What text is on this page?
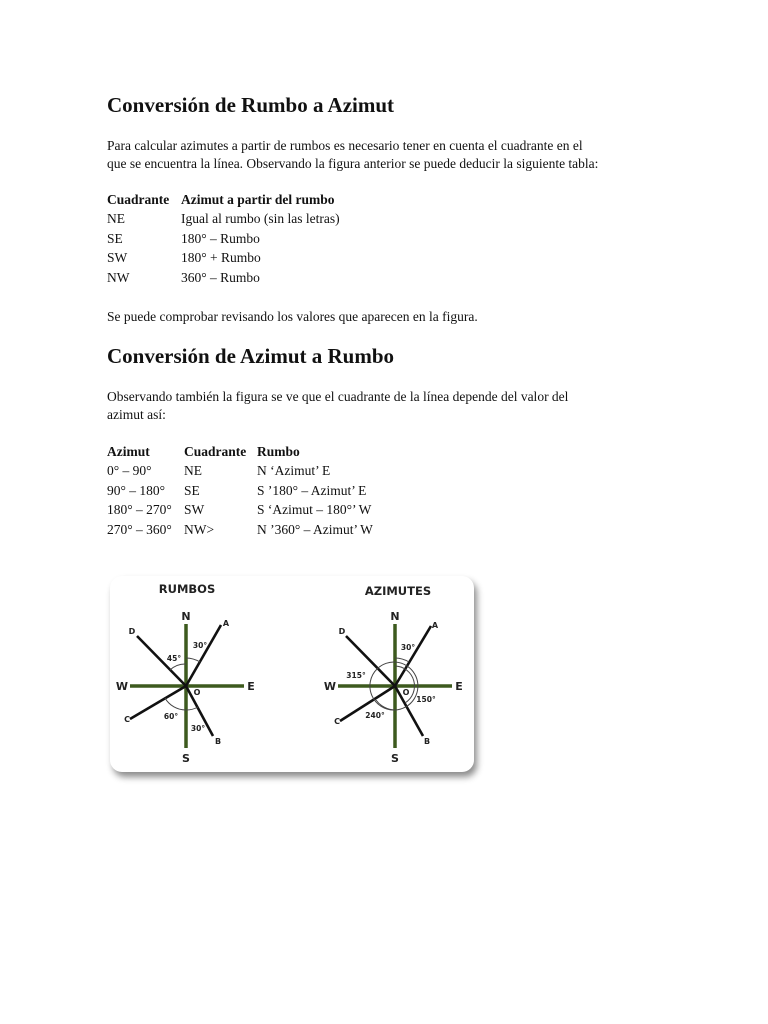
Conversión de Rumbo a Azimut

Para calcular azimutes a partir de rumbos es necesario tener en cuenta el cuadrante en el
que se encuentra la línea. Observando la figura anterior se puede deducir la siguiente tabla:

Cuadrante	Azimut a partir del rumbo
NE	Igual al rumbo (sin las letras)
SE	180° – Rumbo
SW	180° + Rumbo
NW	360° – Rumbo

Se puede comprobar revisando los valores que aparecen en la figura.

Conversión de Azimut a Rumbo

Observando también la figura se ve que el cuadrante de la línea depende del valor del
azimut así:

Azimut	Cuadrante	Rumbo
0° – 90°	NE	N ‘Azimut’ E
90° – 180°	SE	S ’180° – Azimut’ E
180° – 270°	SW	S ‘Azimut – 180°’ W
270° – 360°	NW>	N ’360° – Azimut’ W
RUMBOS	AZIMUTES
N
S
E
W	O
A
D
C
B
30°
45°
60°
30°
N
S
E
W	O
A
D
C
B
30°
315°
240°
150°
